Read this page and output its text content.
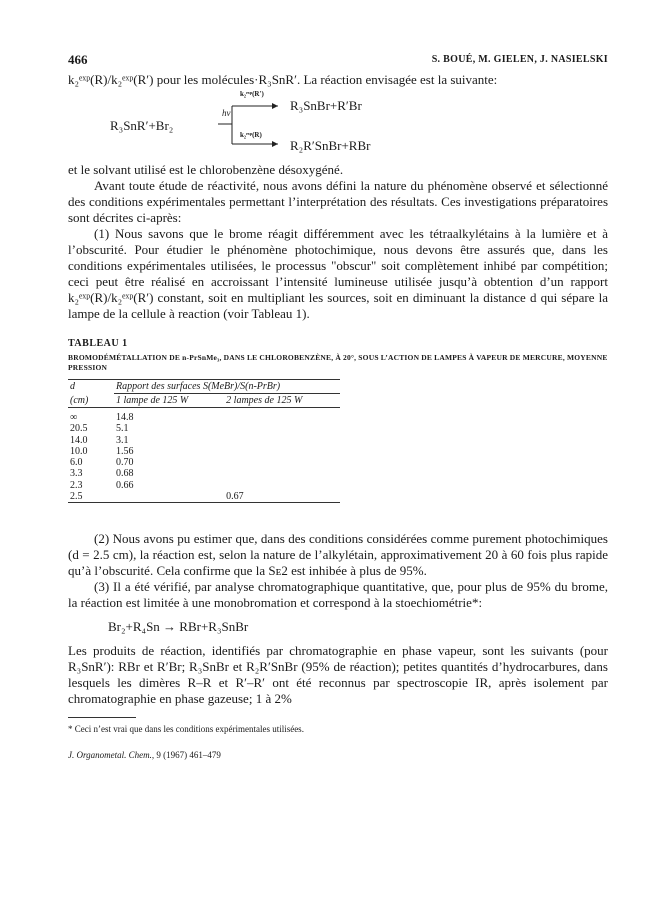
466	S. BOUÉ, M. GIELEN, J. NASIELSKI

k₂ᵉˣᵖ(R)/k₂ᵉˣᵖ(R′) pour les molécules·R₃SnR′. La réaction envisagée est la suivante:

R₃SnR′+Br₂
hν
k₂ᵉˣᵖ(R′)
k₂ᵉˣᵖ(R)
R₃SnBr+R′Br
R₂R′SnBr+RBr

et le solvant utilisé est le chlorobenzène désoxygéné.

Avant toute étude de réactivité, nous avons défini la nature du phénomène observé et sélectionné des conditions expérimentales permettant l’interprétation des résultats. Ces investigations préparatoires sont décrites ci-après:

(1) Nous savons que le brome réagit différemment avec les tétraalkylétains à la lumière et à l’obscurité. Pour étudier le phénomène photochimique, nous devons être assurés que, dans les conditions expérimentales utilisées, le processus "obscur" soit complètement inhibé par compétition; ceci peut être réalisé en accroissant l’intensité lumineuse utilisée jusqu’à obtention d’un rapport k₂ᵉˣᵖ(R)/k₂ᵉˣᵖ(R′) constant, soit en multipliant les sources, soit en diminuant la distance d qui sépare la lampe de la cellule à reaction (voir Tableau 1).

TABLEAU 1
BROMODÉMÉTALLATION DE n-PrSnMe₃, DANS LE CHLOROBENZÈNE, À 20°, SOUS L’ACTION DE LAMPES À VAPEUR DE MERCURE, MOYENNE PRESSION
d	Rapport des surfaces S(MeBr)/S(n-PrBr)	
(cm)	1 lampe de 125 W	2 lampes de 125 W

∞	14.8	
20.5	5.1	
14.0	3.1	
10.0	1.56	
6.0	0.70	
3.3	0.68	
2.3	0.66	
2.5		0.67

(2) Nous avons pu estimer que, dans des conditions considérées comme purement photochimiques (d = 2.5 cm), la réaction est, selon la nature de l’alkylétain, approximativement 20 à 60 fois plus rapide qu’à l’obscurité. Cela confirme que la Sᴇ2 est inhibée à plus de 95%.

(3) Il a été vérifié, par analyse chromatographique quantitative, que, pour plus de 95% du brome, la réaction est limitée à une monobromation et correspond à la stoechiométrie*:

Br₂+R₄Sn → RBr+R₃SnBr

Les produits de réaction, identifiés par chromatographie en phase vapeur, sont les suivants (pour R₃SnR′): RBr et R′Br; R₃SnBr et R₂R′SnBr (95% de réaction); petites quantités d’hydrocarbures, dans lesquels les dimères R–R et R′–R′ ont été reconnus par spectroscopie IR, après isolement par chromatographie en phase gazeuse; 1 à 2%

* Ceci n’est vrai que dans les conditions expérimentales utilisées.
J. Organometal. Chem., 9 (1967) 461–479
